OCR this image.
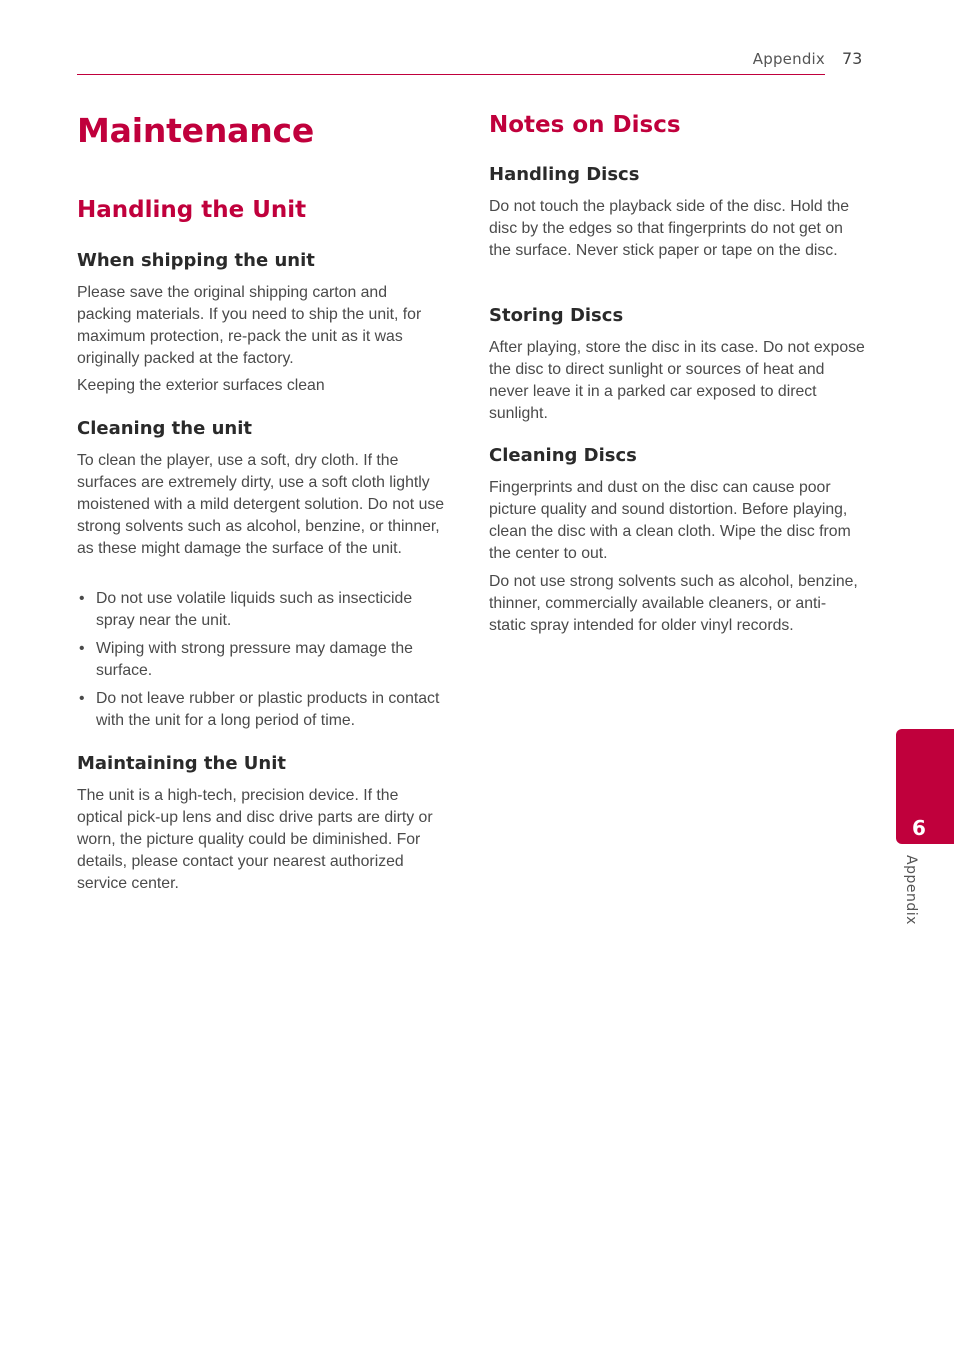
Appendix 73
Maintenance
Handling the Unit
When shipping the unit

Please save the original shipping carton and packing materials. If you need to ship the unit, for maximum protection, re-pack the unit as it was originally packed at the factory.

Keeping the exterior surfaces clean

Cleaning the unit

To clean the player, use a soft, dry cloth. If the surfaces are extremely dirty, use a soft cloth lightly moistened with a mild detergent solution. Do not use strong solvents such as alcohol, benzine, or thinner, as these might damage the surface of the unit.

• Do not use volatile liquids such as insecticide spray near the unit.
• Wiping with strong pressure may damage the surface.
• Do not leave rubber or plastic products in contact with the unit for a long period of time.
Maintaining the Unit

The unit is a high-tech, precision device. If the optical pick-up lens and disc drive parts are dirty or worn, the picture quality could be diminished. For details, please contact your nearest authorized service center.

Notes on Discs
Handling Discs

Do not touch the playback side of the disc. Hold the disc by the edges so that fingerprints do not get on the surface. Never stick paper or tape on the disc.

Storing Discs

After playing, store the disc in its case. Do not expose the disc to direct sunlight or sources of heat and never leave it in a parked car exposed to direct sunlight.

Cleaning Discs

Fingerprints and dust on the disc can cause poor picture quality and sound distortion. Before playing, clean the disc with a clean cloth. Wipe the disc from the center to out.

Do not use strong solvents such as alcohol, benzine, thinner, commercially available cleaners, or anti-static spray intended for older vinyl records.

6
Appendix
